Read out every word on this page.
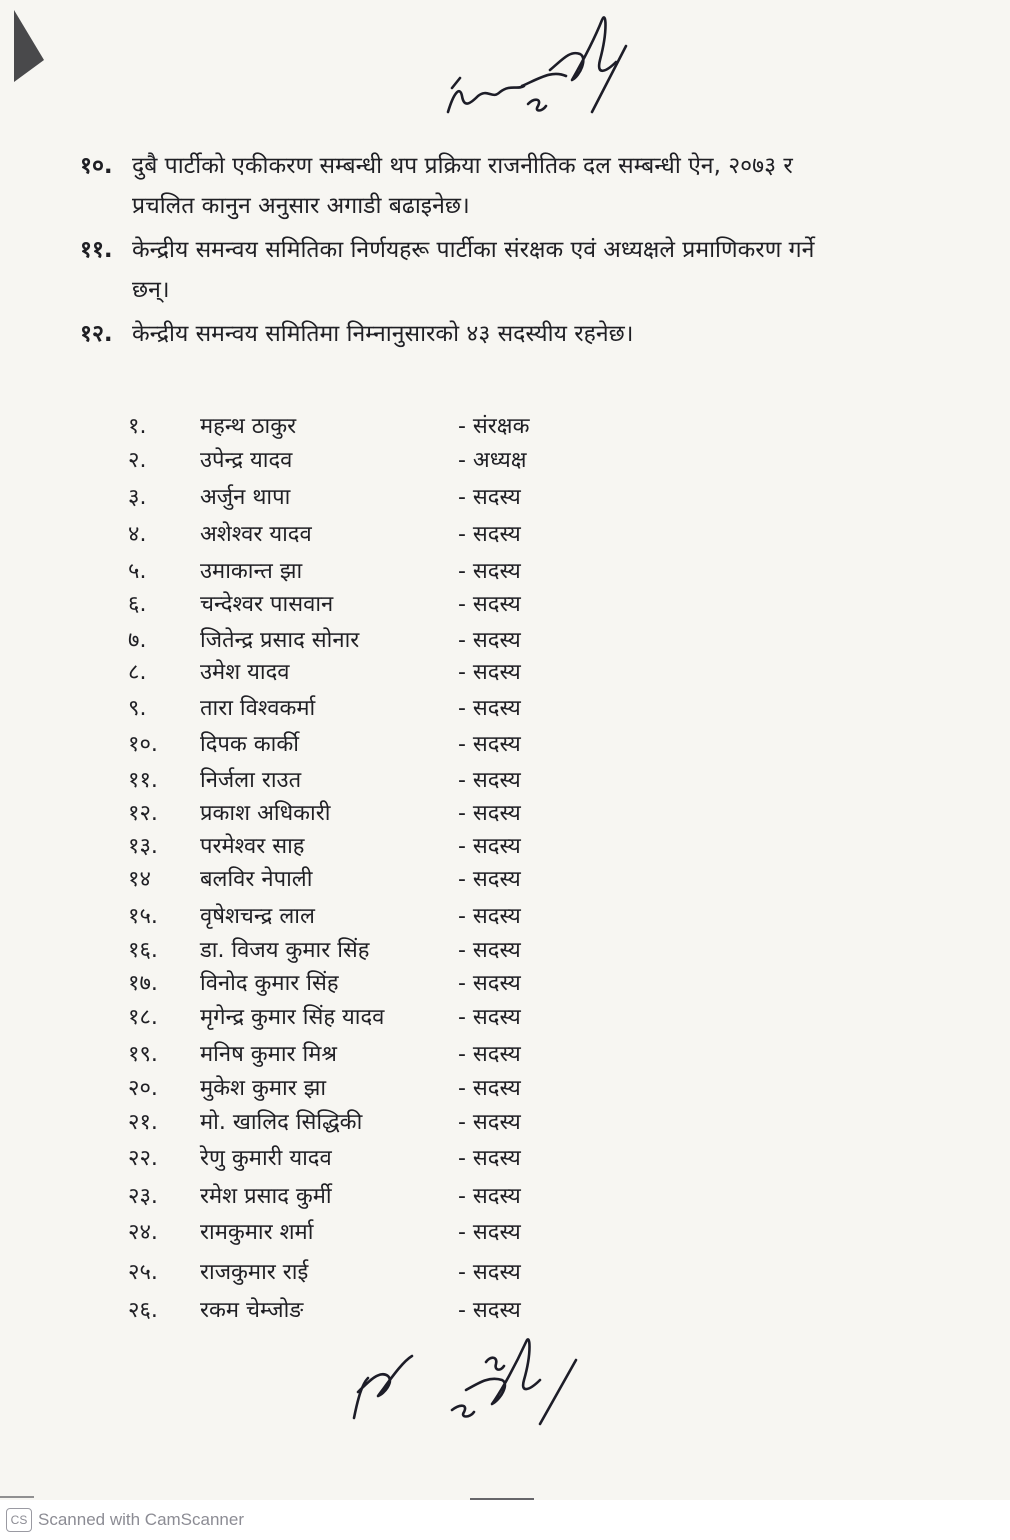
१०. दुबै पार्टीको एकीकरण सम्बन्धी थप प्रक्रिया राजनीतिक दल सम्बन्धी ऐन, २०७३ र
प्रचलित कानुन अनुसार अगाडी बढाइनेछ।
११. केन्द्रीय समन्वय समितिका निर्णयहरू पार्टीका संरक्षक एवं अध्यक्षले प्रमाणिकरण गर्ने
छन्।
१२. केन्द्रीय समन्वय समितिमा निम्नानुसारको ४३ सदस्यीय रहनेछ।
१.	महन्थ ठाकुर	- संरक्षक
२.	उपेन्द्र यादव	- अध्यक्ष
३.	अर्जुन थापा	- सदस्य
४.	अशेश्वर यादव	- सदस्य
५.	उमाकान्त झा	- सदस्य
६.	चन्देश्वर पासवान	- सदस्य
७.	जितेन्द्र प्रसाद सोनार	- सदस्य
८.	उमेश यादव	- सदस्य
९.	तारा विश्वकर्मा	- सदस्य
१०.	दिपक कार्की	- सदस्य
११.	निर्जला राउत	- सदस्य
१२.	प्रकाश अधिकारी	- सदस्य
१३.	परमेश्वर साह	- सदस्य
१४	बलविर नेपाली	- सदस्य
१५.	वृषेशचन्द्र लाल	- सदस्य
१६.	डा. विजय कुमार सिंह	- सदस्य
१७.	विनोद कुमार सिंह	- सदस्य
१८.	मृगेन्द्र कुमार सिंह यादव	- सदस्य
१९.	मनिष कुमार मिश्र	- सदस्य
२०.	मुकेश कुमार झा	- सदस्य
२१.	मो. खालिद सिद्धिकी	- सदस्य
२२.	रेणु कुमारी यादव	- सदस्य
२३.	रमेश प्रसाद कुर्मी	- सदस्य
२४.	रामकुमार शर्मा	- सदस्य
२५.	राजकुमार राई	- सदस्य
२६.	रकम चेम्जोङ	- सदस्य
CS Scanned with CamScanner
